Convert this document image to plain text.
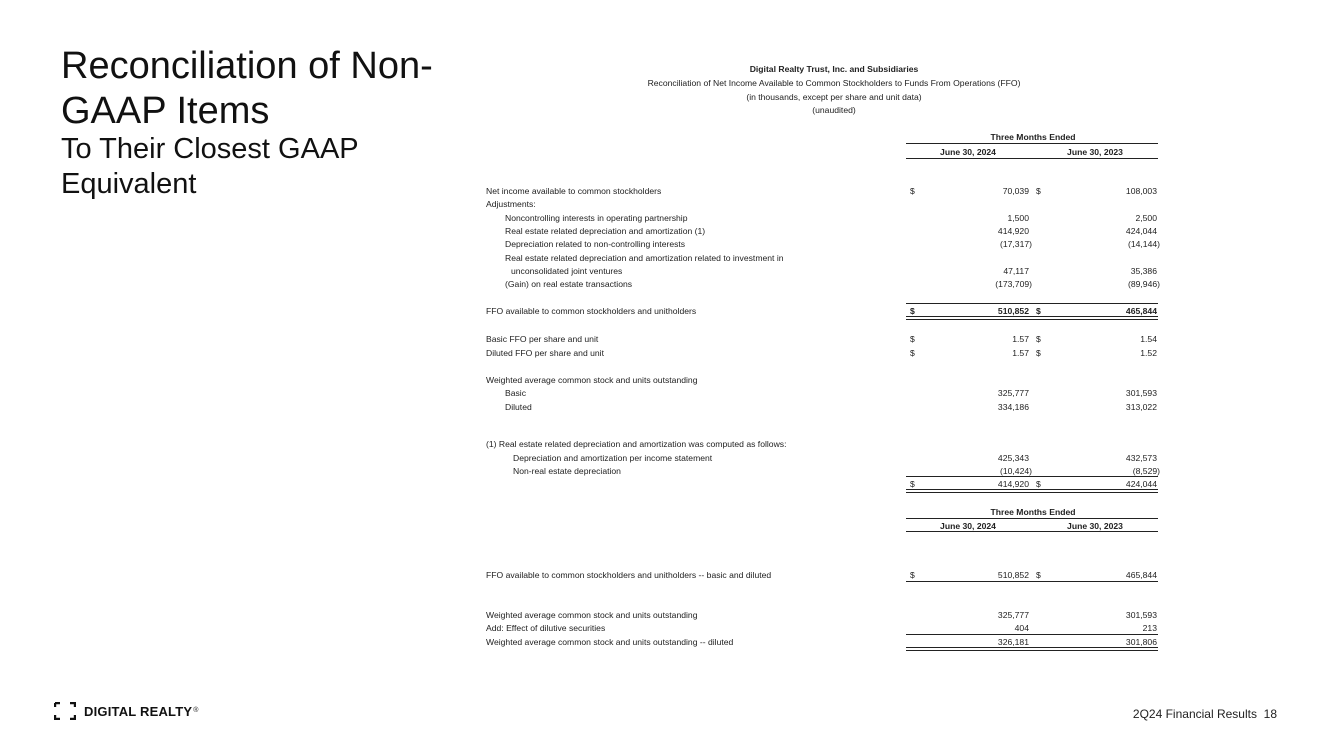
Reconciliation of Non-GAAP Items
To Their Closest GAAP Equivalent
Digital Realty Trust, Inc. and Subsidiaries
Reconciliation of Net Income Available to Common Stockholders to Funds From Operations (FFO)
(in thousands, except per share and unit data)
(unaudited)
Three Months Ended
June 30, 2024	June 30, 2023
Net income available to common stockholders	$	70,039 $	108,003
Adjustments:
Noncontrolling interests in operating partnership	1,500	2,500
Real estate related depreciation and amortization (1)	414,920	424,044
Depreciation related to non-controlling interests	(17,317)	(14,144)
Real estate related depreciation and amortization related to investment in
unconsolidated joint ventures	47,117	35,386
(Gain) on real estate transactions	(173,709)	(89,946)
FFO available to common stockholders and unitholders	$	510,852 $	465,844
Basic FFO per share and unit	$	1.57 $	1.54
Diluted FFO per share and unit	$	1.57 $	1.52
Weighted average common stock and units outstanding
Basic	325,777	301,593
Diluted	334,186	313,022
(1) Real estate related depreciation and amortization was computed as follows:
Depreciation and amortization per income statement	425,343	432,573
Non-real estate depreciation	(10,424)	(8,529)
$	414,920 $	424,044
Three Months Ended
June 30, 2024	June 30, 2023
FFO available to common stockholders and unitholders -- basic and diluted	$	510,852 $	465,844
Weighted average common stock and units outstanding	325,777	301,593
Add: Effect of dilutive securities	404	213
Weighted average common stock and units outstanding -- diluted	326,181	301,806
DIGITAL REALTY ®	2Q24 Financial Results 18
